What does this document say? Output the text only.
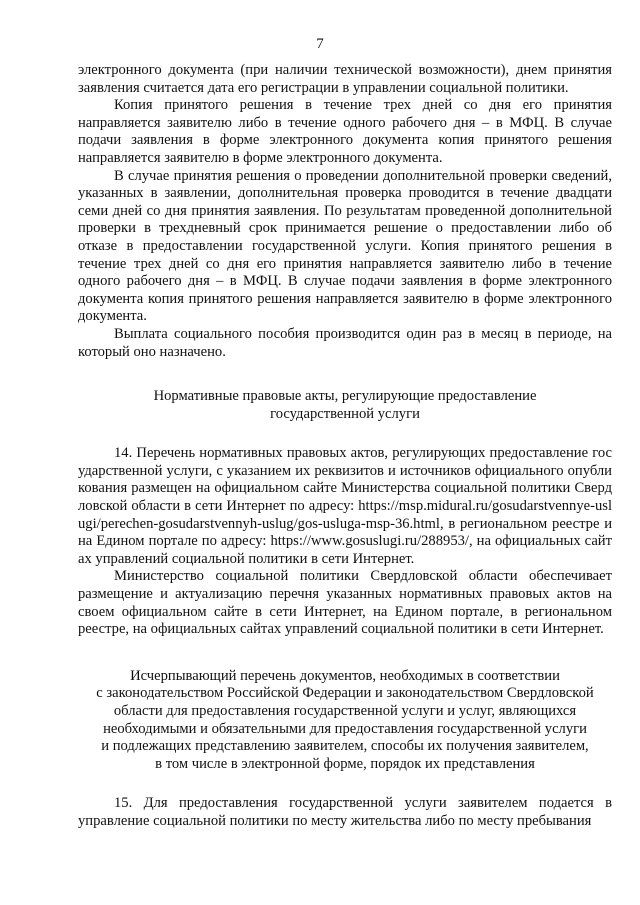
7

электронного документа (при наличии технической возможности), днем принятия заявления считается дата его регистрации в управлении социальной политики.

Копия принятого решения в течение трех дней со дня его принятия направляется заявителю либо в течение одного рабочего дня – в МФЦ. В случае подачи заявления в форме электронного документа копия принятого решения направляется заявителю в форме электронного документа.

В случае принятия решения о проведении дополнительной проверки сведений, указанных в заявлении, дополнительная проверка проводится в течение двадцати семи дней со дня принятия заявления. По результатам проведенной дополнительной проверки в трехдневный срок принимается решение о предоставлении либо об отказе в предоставлении государственной услуги. Копия принятого решения в течение трех дней со дня его принятия направляется заявителю либо в течение одного рабочего дня – в МФЦ. В случае подачи заявления в форме электронного документа копия принятого решения направляется заявителю в форме электронного документа.

Выплата социального пособия производится один раз в месяц в периоде, на который оно назначено.

Нормативные правовые акты, регулирующие предоставление
государственной услуги

14. Перечень нормативных правовых актов, регулирующих предоставление государственной услуги, с указанием их реквизитов и источников официального опубликования размещен на официальном сайте Министерства социальной политики Свердловской области в сети Интернет по адресу: https://msp.midural.ru/gosudarstvennye-uslugi/perechen-gosudarstvennyh-uslug/gos-usluga-msp-36.html, в региональном реестре и на Едином портале по адресу: https://www.gosuslugi.ru/288953/, на официальных сайтах управлений социальной политики в сети Интернет.

Министерство социальной политики Свердловской области обеспечивает размещение и актуализацию перечня указанных нормативных правовых актов на своем официальном сайте в сети Интернет, на Едином портале, в региональном реестре, на официальных сайтах управлений социальной политики в сети Интернет.

Исчерпывающий перечень документов, необходимых в соответствии
с законодательством Российской Федерации и законодательством Свердловской
области для предоставления государственной услуги и услуг, являющихся
необходимыми и обязательными для предоставления государственной услуги
и подлежащих представлению заявителем, способы их получения заявителем,
в том числе в электронной форме, порядок их представления

15. Для предоставления государственной услуги заявителем подается в управление социальной политики по месту жительства либо по месту пребывания
